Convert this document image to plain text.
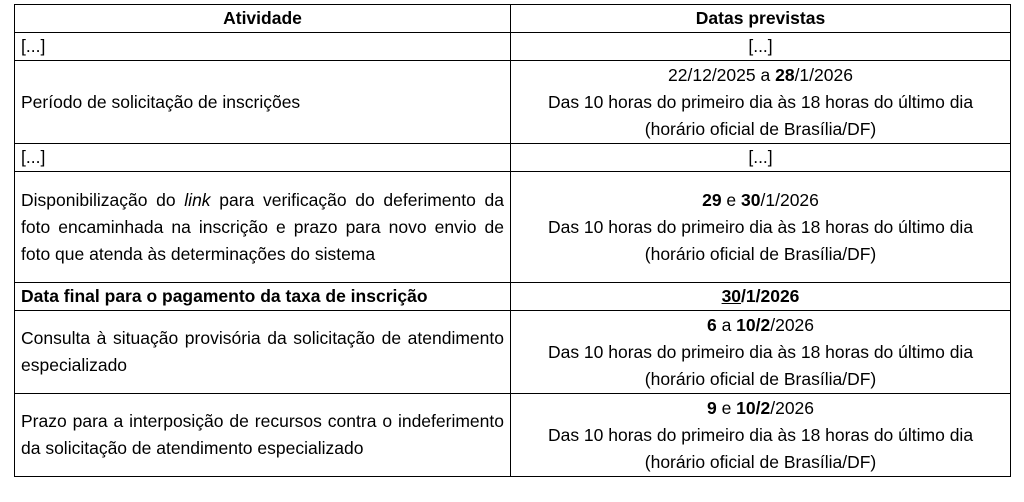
Atividade	Datas previstas
[...]	[...]
Período de solicitação de inscrições	22/12/2025 a 28/1/2026
Das 10 horas do primeiro dia às 18 horas do último dia (horário oficial de Brasília/DF)
[...]	[...]
Disponibilização do link para verificação do deferimento da foto encaminhada na inscrição e prazo para novo envio de foto que atenda às determinações do sistema	29 e 30/1/2026
Das 10 horas do primeiro dia às 18 horas do último dia (horário oficial de Brasília/DF)
Data final para o pagamento da taxa de inscrição	30/1/2026
Consulta à situação provisória da solicitação de atendimento especializado	6 a 10/2/2026
Das 10 horas do primeiro dia às 18 horas do último dia (horário oficial de Brasília/DF)
Prazo para a interposição de recursos contra o indeferimento da solicitação de atendimento especializado	9 e 10/2/2026
Das 10 horas do primeiro dia às 18 horas do último dia (horário oficial de Brasília/DF)
